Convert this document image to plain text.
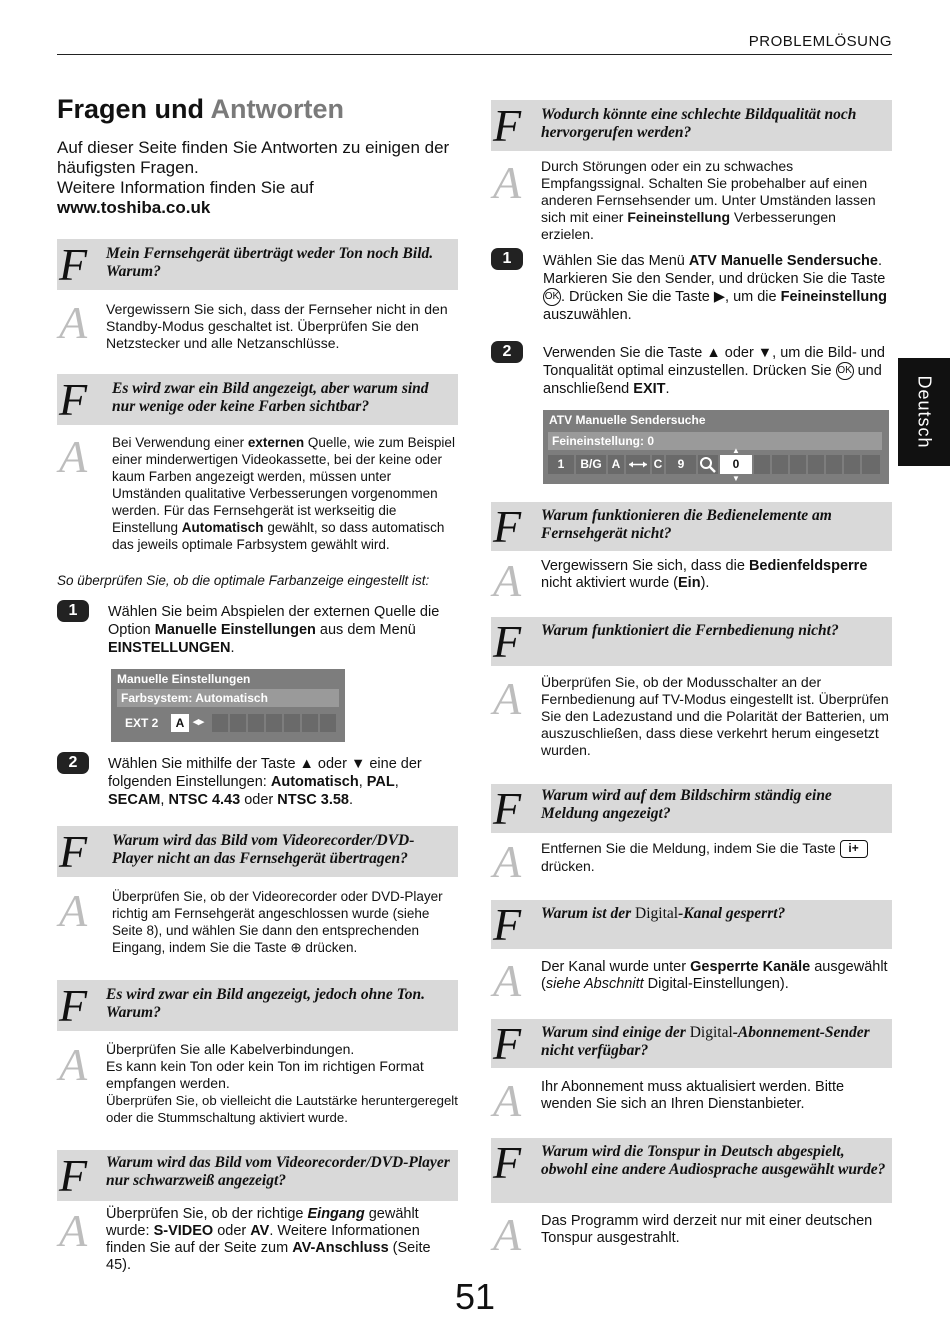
PROBLEMLÖSUNG
Deutsch
Fragen und Antworten
Auf dieser Seite finden Sie Antworten zu einigen der häufigsten Fragen.
Weitere Information finden Sie auf
www.toshiba.co.uk
F Mein Fernsehgerät überträgt weder Ton noch Bild. Warum?
A Vergewissern Sie sich, dass der Fernseher nicht in den Standby-Modus geschaltet ist. Überprüfen Sie den Netzstecker und alle Netzanschlüsse.
F Es wird zwar ein Bild angezeigt, aber warum sind nur wenige oder keine Farben sichtbar?
A Bei Verwendung einer externen Quelle, wie zum Beispiel einer minderwertigen Videokassette, bei der keine oder kaum Farben angezeigt werden, müssen unter Umständen qualitative Verbesserungen vorgenommen werden. Für das Fernsehgerät ist werkseitig die Einstellung Automatisch gewählt, so dass automatisch das jeweils optimale Farbsystem gewählt wird.
So überprüfen Sie, ob die optimale Farbanzeige eingestellt ist:
1	Wählen Sie beim Abspielen der externen Quelle die Option Manuelle Einstellungen aus dem Menü EINSTELLUNGEN.
Manuelle Einstellungen
Farbsystem: Automatisch
EXT 2	A ◂▸
2	Wählen Sie mithilfe der Taste ▲ oder ▼ eine der folgenden Einstellungen: Automatisch, PAL, SECAM, NTSC 4.43 oder NTSC 3.58.
F Warum wird das Bild vom Videorecorder/DVD-Player nicht an das Fernsehgerät übertragen?
A Überprüfen Sie, ob der Videorecorder oder DVD-Player richtig am Fernsehgerät angeschlossen wurde (siehe Seite 8), und wählen Sie dann den entsprechenden Eingang, indem Sie die Taste ⊕ drücken.
F Es wird zwar ein Bild angezeigt, jedoch ohne Ton. Warum?
A Überprüfen Sie alle Kabelverbindungen.
Es kann kein Ton oder kein Ton im richtigen Format empfangen werden.
Überprüfen Sie, ob vielleicht die Lautstärke heruntergeregelt oder die Stummschaltung aktiviert wurde.
F Warum wird das Bild vom Videorecorder/DVD-Player nur schwarzweiß angezeigt?
A Überprüfen Sie, ob der richtige Eingang gewählt wurde: S-VIDEO oder AV. Weitere Informationen finden Sie auf der Seite zum AV-Anschluss (Seite 45).
F Wodurch könnte eine schlechte Bildqualität noch hervorgerufen werden?
A Durch Störungen oder ein zu schwaches Empfangssignal. Schalten Sie probehalber auf einen anderen Fernsehsender um. Unter Umständen lassen sich mit einer Feineinstellung Verbesserungen erzielen.
1	Wählen Sie das Menü ATV Manuelle Sendersuche. Markieren Sie den Sender, und drücken Sie die Taste OK . Drücken Sie die Taste ▶, um die Feineinstellung auszuwählen.
2	Verwenden Sie die Taste ▲ oder ▼, um die Bild- und Tonqualität optimal einzustellen. Drücken Sie OK und anschließend EXIT.
ATV Manuelle Sendersuche
Feineinstellung: 0
▲
1	B/G A	C	9	0
▼
F Warum funktionieren die Bedienelemente am Fernsehgerät nicht?
A Vergewissern Sie sich, dass die Bedienfeldsperre nicht aktiviert wurde (Ein).
F Warum funktioniert die Fernbedienung nicht?
A Überprüfen Sie, ob der Modusschalter an der Fernbedienung auf TV-Modus eingestellt ist. Überprüfen Sie den Ladezustand und die Polarität der Batterien, um auszuschließen, dass diese verkehrt herum eingesetzt wurden.
F Warum wird auf dem Bildschirm ständig eine Meldung angezeigt?
A Entfernen Sie die Meldung, indem Sie die Taste i+ drücken.
F Warum ist der Digital-Kanal gesperrt?
A Der Kanal wurde unter Gesperrte Kanäle ausgewählt (siehe Abschnitt Digital-Einstellungen).
F Warum sind einige der Digital-Abonnement-Sender nicht verfügbar?
A Ihr Abonnement muss aktualisiert werden. Bitte wenden Sie sich an Ihren Dienstanbieter.
F Warum wird die Tonspur in Deutsch abgespielt, obwohl eine andere Audiosprache ausgewählt wurde?
A Das Programm wird derzeit nur mit einer deutschen Tonspur ausgestrahlt.
51
